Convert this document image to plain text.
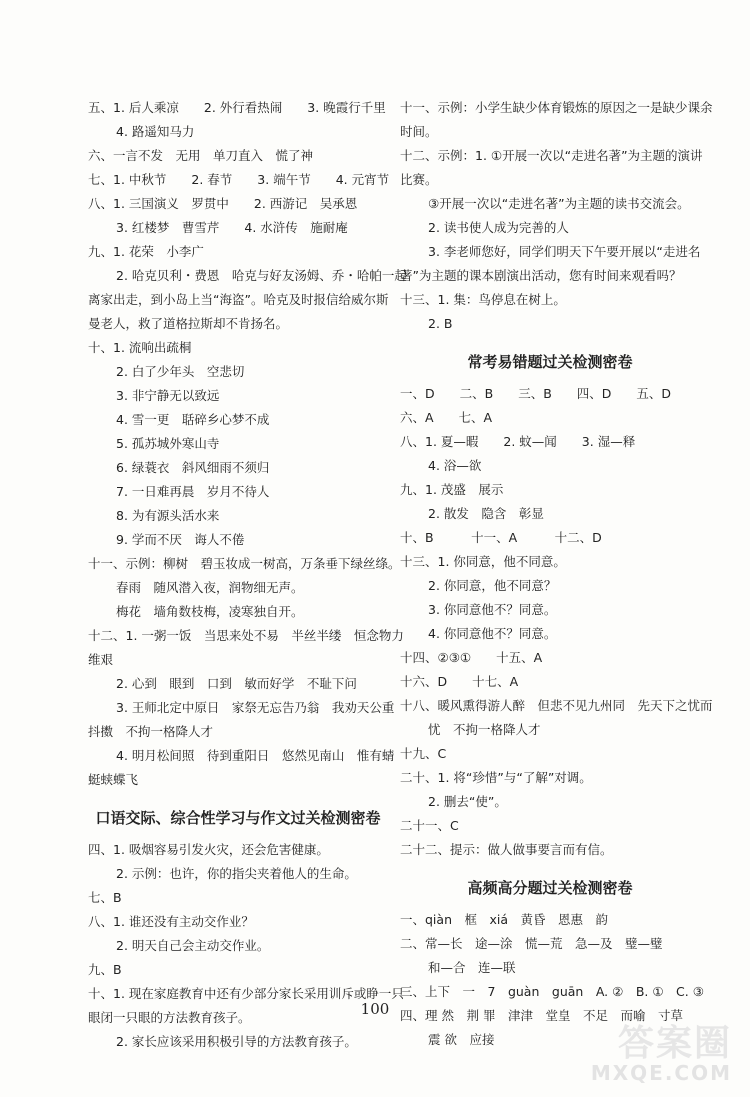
五、1. 后人乘凉　　2. 外行看热闹　　3. 晚霞行千里
4. 路遥知马力
六、一言不发　无用　单刀直入　慌了神
七、1. 中秋节　　2. 春节　　3. 端午节　　4. 元宵节
八、1. 三国演义　罗贯中　　2. 西游记　吴承恩
3. 红楼梦　曹雪芹　　4. 水浒传　施耐庵
九、1. 花荣　小李广
2. 哈克贝利・费恩　哈克与好友汤姆、乔・哈帕一起
离家出走，到小岛上当“海盗”。哈克及时报信给威尔斯
曼老人，救了道格拉斯却不肯扬名。
十、1. 流响出疏桐
2. 白了少年头　空悲切
3. 非宁静无以致远
4. 雪一更　聒碎乡心梦不成
5. 孤苏城外寒山寺
6. 绿蓑衣　斜风细雨不须归
7. 一日难再晨　岁月不待人
8. 为有源头活水来
9. 学而不厌　诲人不倦
十一、示例：柳树　碧玉妆成一树高，万条垂下绿丝绦。
春雨　随风潜入夜，润物细无声。
梅花　墙角数枝梅，凌寒独自开。
十二、1. 一粥一饭　当思来处不易　半丝半缕　恒念物力
维艰
2. 心到　眼到　口到　敏而好学　不耻下问
3. 王师北定中原日　家祭无忘告乃翁　我劝天公重
抖擞　不拘一格降人才
4. 明月松间照　待到重阳日　悠然见南山　惟有蜻
蜓蛱蝶飞
口语交际、综合性学习与作文过关检测密卷
四、1. 吸烟容易引发火灾，还会危害健康。
2. 示例：也许，你的指尖夹着他人的生命。
七、B
八、1. 谁还没有主动交作业？
2. 明天自己会主动交作业。
九、B
十、1. 现在家庭教育中还有少部分家长采用训斥或睁一只
眼闭一只眼的方法教育孩子。
2. 家长应该采用积极引导的方法教育孩子。
十一、示例：小学生缺少体育锻炼的原因之一是缺少课余
时间。
十二、示例：1. ①开展一次以“走进名著”为主题的演讲
比赛。
③开展一次以“走进名著”为主题的读书交流会。
2. 读书使人成为完善的人
3. 李老师您好，同学们明天下午要开展以“走进名
著”为主题的课本剧演出活动，您有时间来观看吗？
十三、1. 集：鸟停息在树上。
2. B
常考易错题过关检测密卷
一、D　　二、B　　三、B　　四、D　　五、D
六、A　　七、A
八、1. 夏—暇　　2. 蚊—闻　　3. 湿—释
4. 浴—欲
九、1. 茂盛　展示
2. 散发　隐含　彰显
十、B　　　十一、A　　　十二、D
十三、1. 你同意，他不同意。
2. 你同意，他不同意？
3. 你同意他不？同意。
4. 你同意他不？同意。
十四、②③①　　十五、A
十六、D　　十七、A
十八、暖风熏得游人醉　但悲不见九州同　先天下之忧而
忧　不拘一格降人才
十九、C
二十、1. 将“珍惜”与“了解”对调。
2. 删去“使”。
二十一、C
二十二、提示：做人做事要言而有信。
高频高分题过关检测密卷
一、qiàn　框　xiá　黄昏　恩惠　韵
二、常—长　途—涂　慌—荒　急—及　璧—璧
和—合　连—联
三、上下　一　7　guàn　guān　A. ②　B. ①　C. ③
四、理 然　荆 罪　津津　堂皇　不足　而喻　寸草
震 欲　应接
100
答案圈
MXQE.COM
